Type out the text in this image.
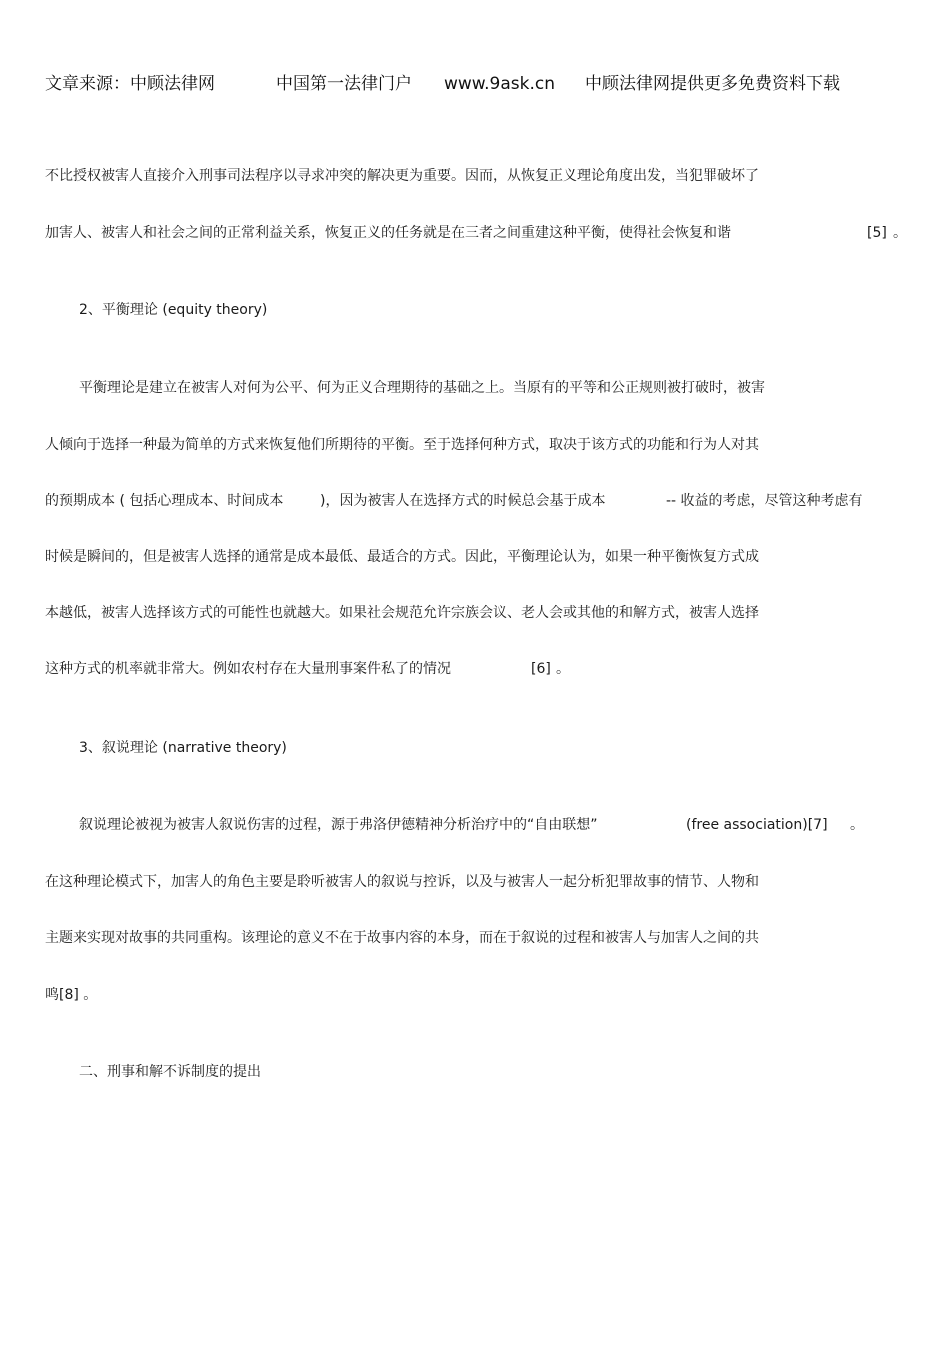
文章来源：中顾法律网	中国第一法律门户 www.9ask.cn 中顾法律网提供更多免费资料下载

不比授权被害人直接介入刑事司法程序以寻求冲突的解决更为重要。因而，从恢复正义理论角度出发，当犯罪破坏了

加害人、被害人和社会之间的正常利益关系，恢复正义的任务就是在三者之间重建这种平衡，使得社会恢复和谐	[5] 。

2、平衡理论 (equity theory)

平衡理论是建立在被害人对何为公平、何为正义合理期待的基础之上。当原有的平等和公正规则被打破时，被害

人倾向于选择一种最为简单的方式来恢复他们所期待的平衡。至于选择何种方式，取决于该方式的功能和行为人对其

的预期成本 ( 包括心理成本、时间成本	)，因为被害人在选择方式的时候总会基于成本	-- 收益的考虑，尽管这种考虑有

时候是瞬间的，但是被害人选择的通常是成本最低、最适合的方式。因此，平衡理论认为，如果一种平衡恢复方式成

本越低，被害人选择该方式的可能性也就越大。如果社会规范允许宗族会议、老人会或其他的和解方式，被害人选择

这种方式的机率就非常大。例如农村存在大量刑事案件私了的情况	[6] 。

3、叙说理论 (narrative theory)

叙说理论被视为被害人叙说伤害的过程，源于弗洛伊德精神分析治疗中的“自由联想”	(free association)[7] 。

在这种理论模式下，加害人的角色主要是聆听被害人的叙说与控诉，以及与被害人一起分析犯罪故事的情节、人物和

主题来实现对故事的共同重构。该理论的意义不在于故事内容的本身，而在于叙说的过程和被害人与加害人之间的共

鸣[8] 。

二、刑事和解不诉制度的提出
